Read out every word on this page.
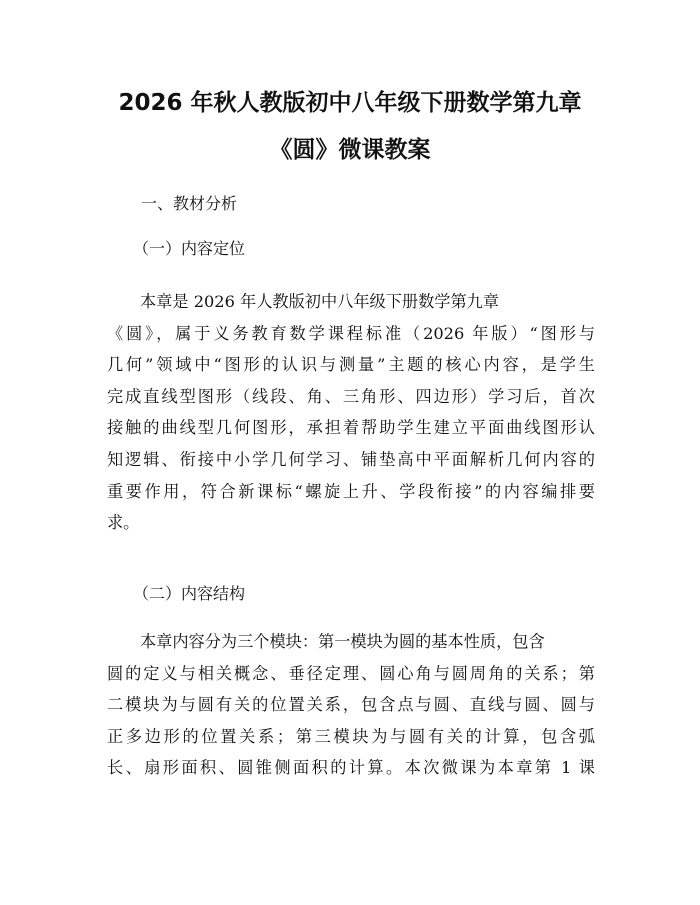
2026 年秋人教版初中八年级下册数学第九章
《圆》微课教案
一、教材分析
（一）内容定位
本章是 2026 年人教版初中八年级下册数学第九章
《圆》，属于义务教育数学课程标准（2026 年版）“图形与
几何”领域中“图形的认识与测量”主题的核心内容，是学生
完成直线型图形（线段、角、三角形、四边形）学习后，首次
接触的曲线型几何图形，承担着帮助学生建立平面曲线图形认
知逻辑、衔接中小学几何学习、铺垫高中平面解析几何内容的
重要作用，符合新课标“螺旋上升、学段衔接”的内容编排要
求。
（二）内容结构
本章内容分为三个模块：第一模块为圆的基本性质，包含
圆的定义与相关概念、垂径定理、圆心角与圆周角的关系；第
二模块为与圆有关的位置关系，包含点与圆、直线与圆、圆与
正多边形的位置关系；第三模块为与圆有关的计算，包含弧
长、扇形面积、圆锥侧面积的计算。本次微课为本章第 1 课
